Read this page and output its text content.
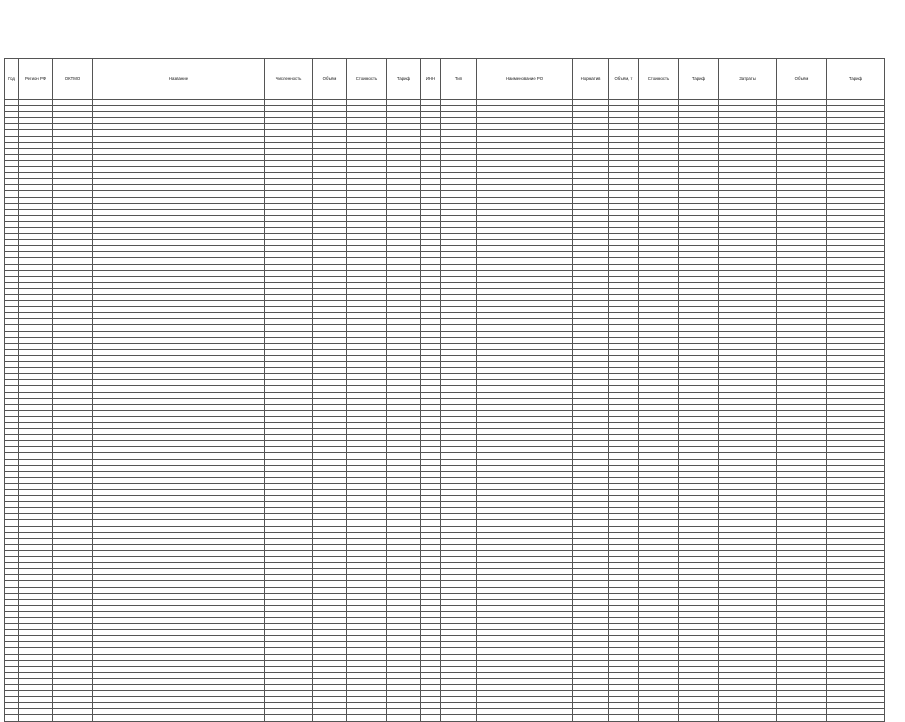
Год	Регион РФ	ОКТМО	Название	Численность	Объём	Стоимость	Тариф	ИНН	Тип	Наименование РО	Норматив	Объём, т	Стоимость	Тариф	Затраты	Объём	Тариф
